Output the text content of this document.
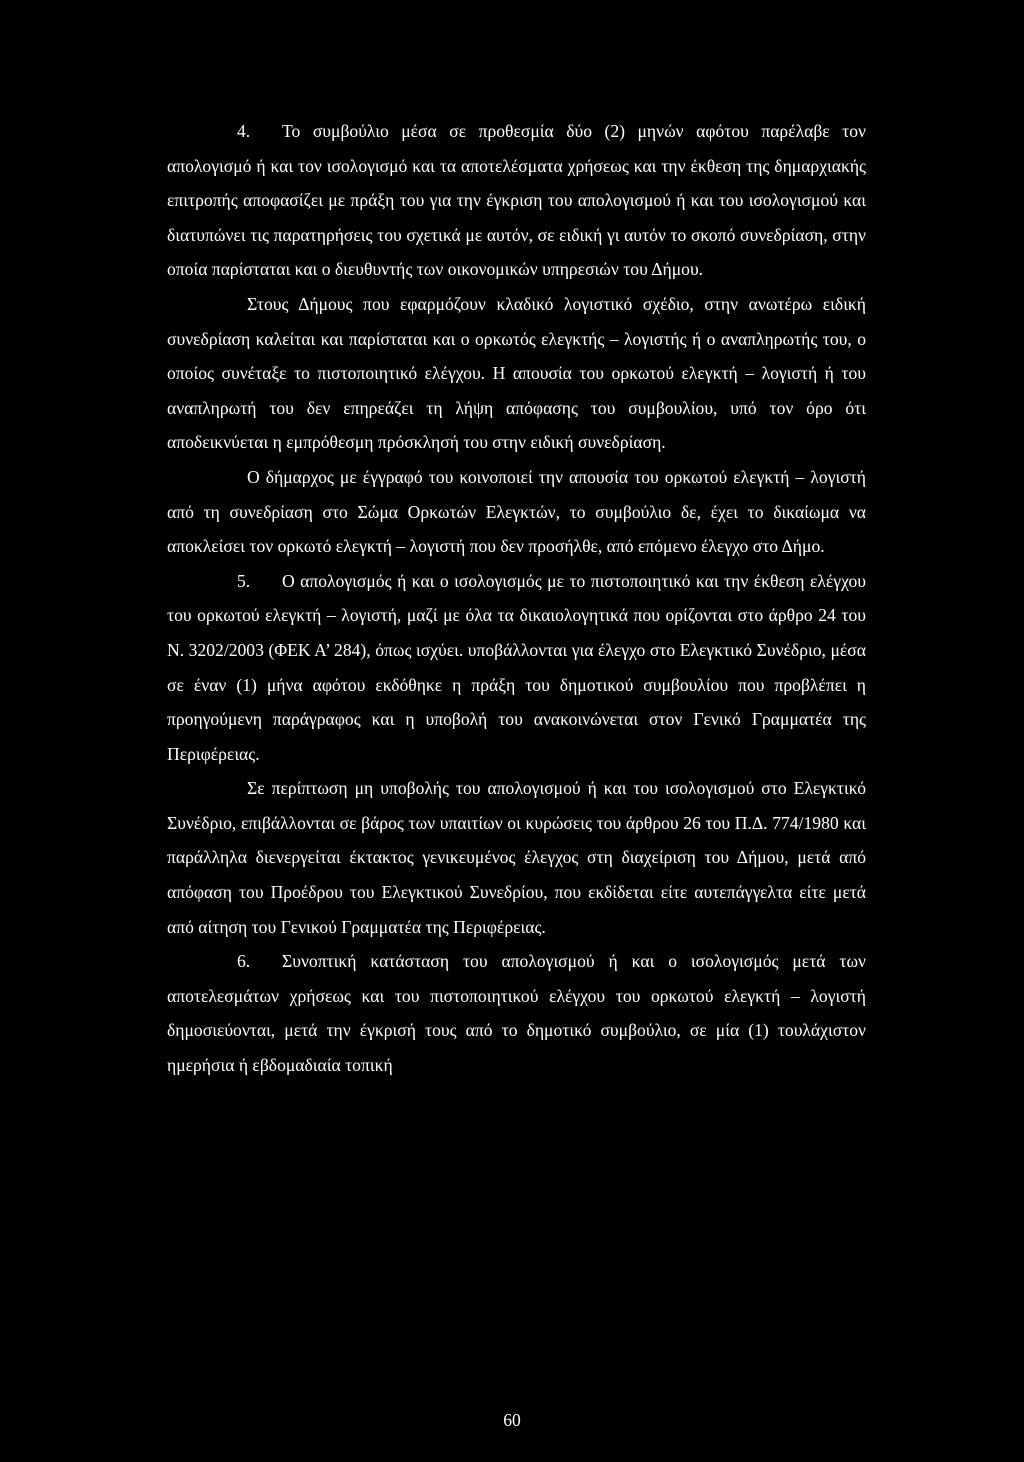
4. Το συμβούλιο μέσα σε προθεσμία δύο (2) μηνών αφότου παρέλαβε τον απολογισμό ή και τον ισολογισμό και τα αποτελέσματα χρήσεως και την έκθεση της δημαρχιακής επιτροπής αποφασίζει με πράξη του για την έγκριση του απολογισμού ή και του ισολογισμού και διατυπώνει τις παρατηρήσεις του σχετικά με αυτόν, σε ειδική γι αυτόν το σκοπό συνεδρίαση, στην οποία παρίσταται και ο διευθυντής των οικονομικών υπηρεσιών του Δήμου.

Στους Δήμους που εφαρμόζουν κλαδικό λογιστικό σχέδιο, στην ανωτέρω ειδική συνεδρίαση καλείται και παρίσταται και ο ορκωτός ελεγκτής – λογιστής ή ο αναπληρωτής του, ο οποίος συνέταξε το πιστοποιητικό ελέγχου. Η απουσία του ορκωτού ελεγκτή – λογιστή ή του αναπληρωτή του δεν επηρεάζει τη λήψη απόφασης του συμβουλίου, υπό τον όρο ότι αποδεικνύεται η εμπρόθεσμη πρόσκλησή του στην ειδική συνεδρίαση.

Ο δήμαρχος με έγγραφό του κοινοποιεί την απουσία του ορκωτού ελεγκτή – λογιστή από τη συνεδρίαση στο Σώμα Ορκωτών Ελεγκτών, το συμβούλιο δε, έχει το δικαίωμα να αποκλείσει τον ορκωτό ελεγκτή – λογιστή που δεν προσήλθε, από επόμενο έλεγχο στο Δήμο.

5. Ο απολογισμός ή και ο ισολογισμός με το πιστοποιητικό και την έκθεση ελέγχου του ορκωτού ελεγκτή – λογιστή, μαζί με όλα τα δικαιολογητικά που ορίζονται στο άρθρο 24 του Ν. 3202/2003 (ΦΕΚ Α’ 284), όπως ισχύει. υποβάλλονται για έλεγχο στο Ελεγκτικό Συνέδριο, μέσα σε έναν (1) μήνα αφότου εκδόθηκε η πράξη του δημοτικού συμβουλίου που προβλέπει η προηγούμενη παράγραφος και η υποβολή του ανακοινώνεται στον Γενικό Γραμματέα της Περιφέρειας.

Σε περίπτωση μη υποβολής του απολογισμού ή και του ισολογισμού στο Ελεγκτικό Συνέδριο, επιβάλλονται σε βάρος των υπαιτίων οι κυρώσεις του άρθρου 26 του Π.Δ. 774/1980 και παράλληλα διενεργείται έκτακτος γενικευμένος έλεγχος στη διαχείριση του Δήμου, μετά από απόφαση του Προέδρου του Ελεγκτικού Συνεδρίου, που εκδίδεται είτε αυτεπάγγελτα είτε μετά από αίτηση του Γενικού Γραμματέα της Περιφέρειας.

6. Συνοπτική κατάσταση του απολογισμού ή και ο ισολογισμός μετά των αποτελεσμάτων χρήσεως και του πιστοποιητικού ελέγχου του ορκωτού ελεγκτή – λογιστή δημοσιεύονται, μετά την έγκρισή τους από το δημοτικό συμβούλιο, σε μία (1) τουλάχιστον ημερήσια ή εβδομαδιαία τοπική

60
